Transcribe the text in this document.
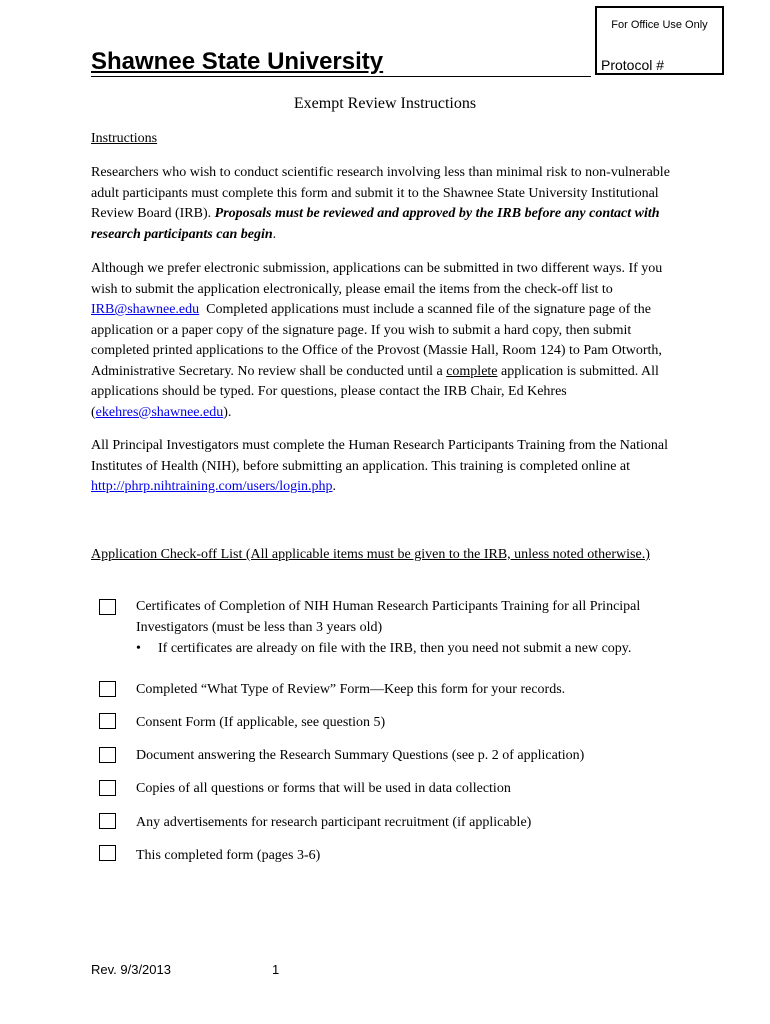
For Office Use Only
Protocol #
Shawnee State University
Exempt Review Instructions
Instructions
Researchers who wish to conduct scientific research involving less than minimal risk to non-vulnerable adult participants must complete this form and submit it to the Shawnee State University Institutional Review Board (IRB). Proposals must be reviewed and approved by the IRB before any contact with research participants can begin.
Although we prefer electronic submission, applications can be submitted in two different ways. If you wish to submit the application electronically, please email the items from the check-off list to IRB@shawnee.edu Completed applications must include a scanned file of the signature page of the application or a paper copy of the signature page. If you wish to submit a hard copy, then submit completed printed applications to the Office of the Provost (Massie Hall, Room 124) to Pam Otworth, Administrative Secretary. No review shall be conducted until a complete application is submitted. All applications should be typed. For questions, please contact the IRB Chair, Ed Kehres (ekehres@shawnee.edu).
All Principal Investigators must complete the Human Research Participants Training from the National Institutes of Health (NIH), before submitting an application. This training is completed online at http://phrp.nihtraining.com/users/login.php.
Application Check-off List (All applicable items must be given to the IRB, unless noted otherwise.)
Certificates of Completion of NIH Human Research Participants Training for all Principal Investigators (must be less than 3 years old)
• If certificates are already on file with the IRB, then you need not submit a new copy.
Completed “What Type of Review” Form—Keep this form for your records.
Consent Form (If applicable, see question 5)
Document answering the Research Summary Questions (see p. 2 of application)
Copies of all questions or forms that will be used in data collection
Any advertisements for research participant recruitment (if applicable)
This completed form (pages 3-6)
Rev. 9/3/2013	1
